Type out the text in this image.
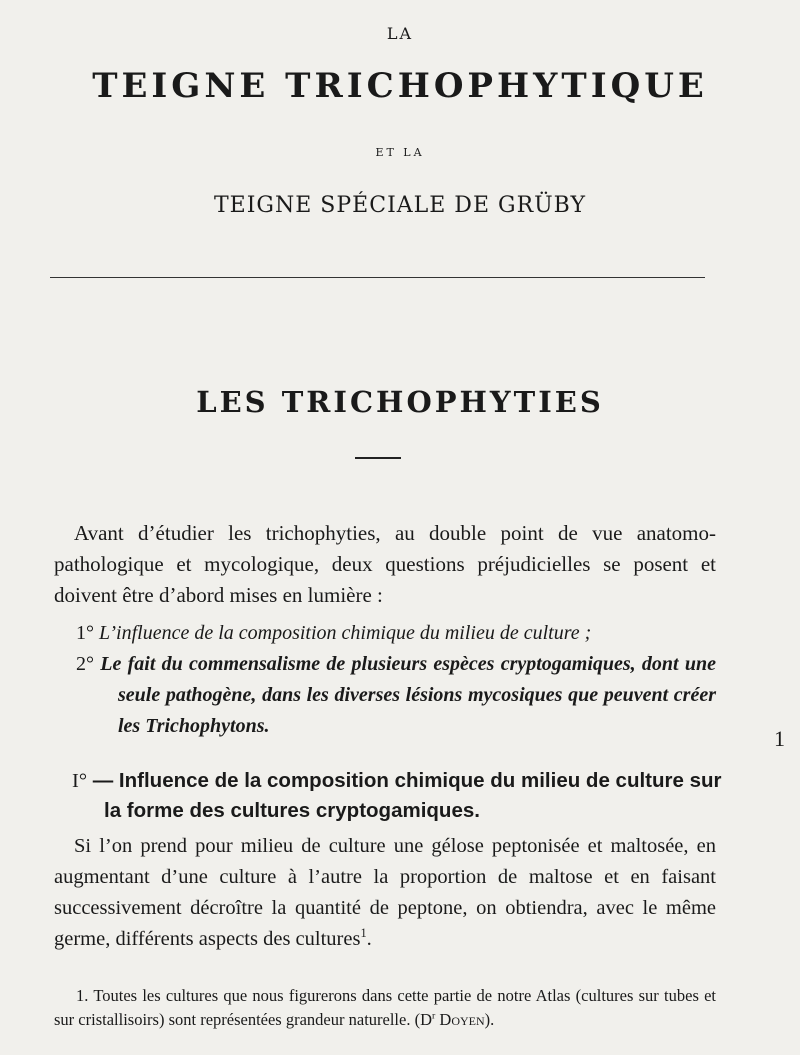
LA
TEIGNE TRICHOPHYTIQUE
ET LA
TEIGNE SPÉCIALE DE GRÜBY
LES TRICHOPHYTIES
Avant d’étudier les trichophyties, au double point de vue anatomo-pathologique et mycologique, deux questions préjudicielles se posent et doivent être d’abord mises en lumière :
1° L’influence de la composition chimique du milieu de culture ;
2° Le fait du commensalisme de plusieurs espèces cryptogamiques, dont une seule pathogène, dans les diverses lésions mycosiques que peuvent créer les Trichophytons.	1
I° — Influence de la composition chimique du milieu de culture sur la forme des cultures cryptogamiques.
Si l’on prend pour milieu de culture une gélose peptonisée et maltosée, en augmentant d’une culture à l’autre la proportion de maltose et en faisant successivement décroître la quantité de peptone, on obtiendra, avec le même germe, différents aspects des cultures$^1$.
1. Toutes les cultures que nous figurerons dans cette partie de notre Atlas (cultures sur tubes et sur cristallisoirs) sont représentées grandeur naturelle. ($D^r$ Doyen).
